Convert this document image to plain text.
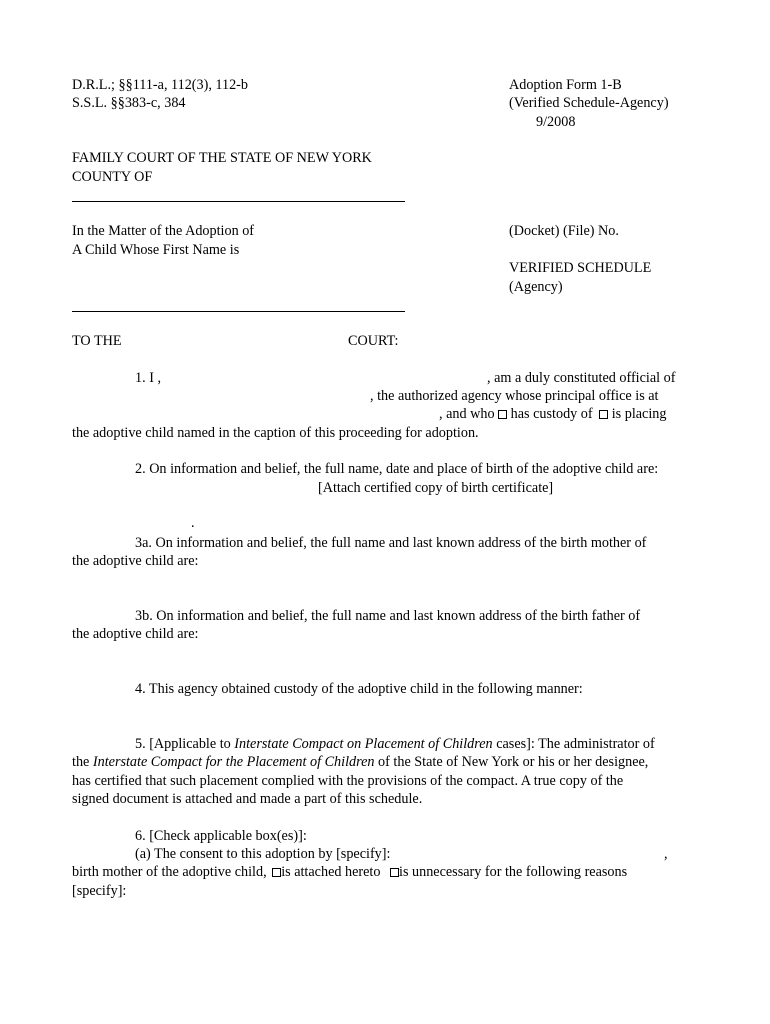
D.R.L.; §§111-a, 112(3), 112-b
S.S.L. §§383-c, 384
Adoption Form 1-B
(Verified Schedule-Agency)
9/2008
FAMILY COURT OF THE STATE OF NEW YORK
COUNTY OF
In the Matter of the Adoption of
A Child Whose First Name is
(Docket) (File) No.
VERIFIED SCHEDULE
(Agency)
TO THE	COURT:
1. I ,	, am a duly constituted official of
, the authorized agency whose principal office is at
, and who has custody of is placing
the adoptive child named in the caption of this proceeding for adoption.
2. On information and belief, the full name, date and place of birth of the adoptive child are:
[Attach certified copy of birth certificate]
.
3a. On information and belief, the full name and last known address of the birth mother of
the adoptive child are:
3b. On information and belief, the full name and last known address of the birth father of
the adoptive child are:
4. This agency obtained custody of the adoptive child in the following manner:
5. [Applicable to Interstate Compact on Placement of Children cases]: The administrator of
the Interstate Compact for the Placement of Children of the State of New York or his or her designee,
has certified that such placement complied with the provisions of the compact. A true copy of the
signed document is attached and made a part of this schedule.
6. [Check applicable box(es)]:
(a) The consent to this adoption by [specify]:	,
birth mother of the adoptive child, is attached hereto is unnecessary for the following reasons
[specify]:
